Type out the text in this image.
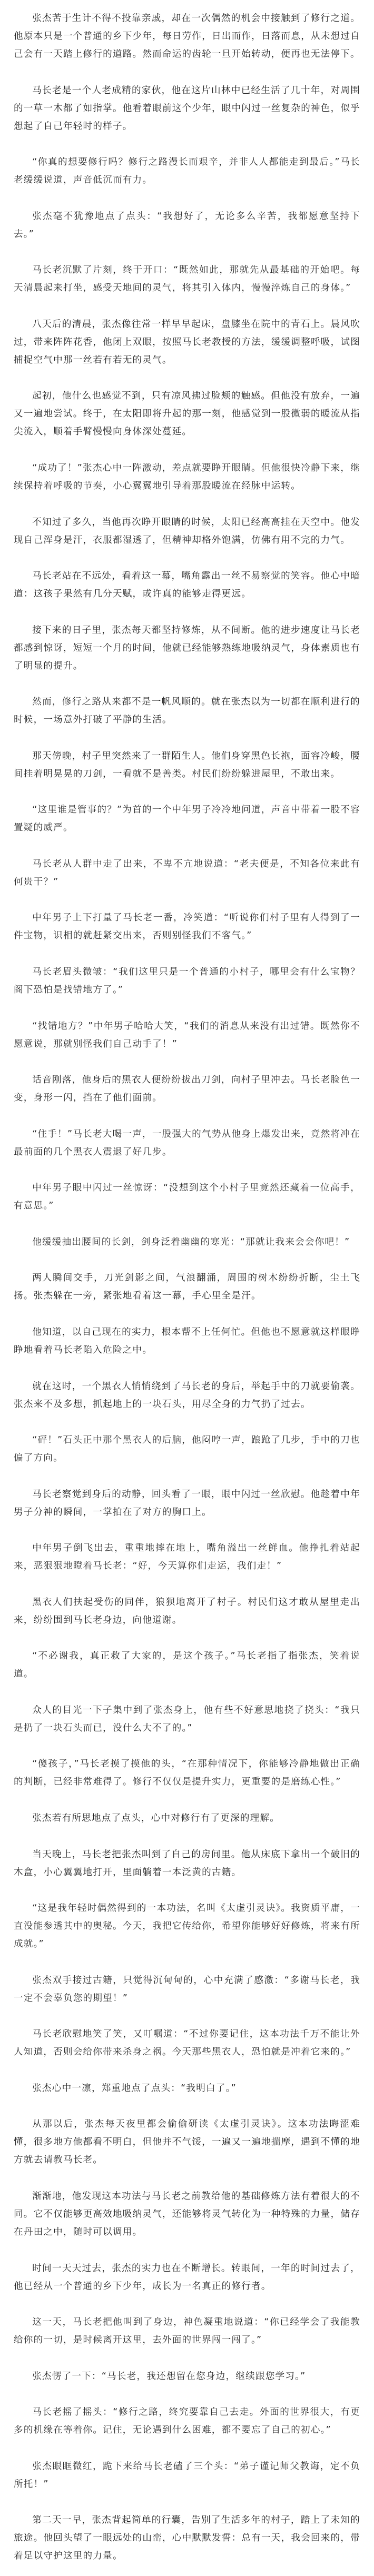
张杰苦于生计不得不投靠亲戚，却在一次偶然的机会中接触到了修行之道。他原本只是一个普通的乡下少年，每日劳作，日出而作，日落而息，从未想过自己会有一天踏上修行的道路。然而命运的齿轮一旦开始转动，便再也无法停下。

马长老是一个人老成精的家伙，他在这片山林中已经生活了几十年，对周围的一草一木都了如指掌。他看着眼前这个少年，眼中闪过一丝复杂的神色，似乎想起了自己年轻时的样子。

“你真的想要修行吗？修行之路漫长而艰辛，并非人人都能走到最后。”马长老缓缓说道，声音低沉而有力。

张杰毫不犹豫地点了点头：“我想好了，无论多么辛苦，我都愿意坚持下去。”

马长老沉默了片刻，终于开口：“既然如此，那就先从最基础的开始吧。每天清晨起来打坐，感受天地间的灵气，将其引入体内，慢慢淬炼自己的身体。”

八天后的清晨，张杰像往常一样早早起床，盘膝坐在院中的青石上。晨风吹过，带来阵阵花香，他闭上双眼，按照马长老教授的方法，缓缓调整呼吸，试图捕捉空气中那一丝若有若无的灵气。

起初，他什么也感觉不到，只有凉风拂过脸颊的触感。但他没有放弃，一遍又一遍地尝试。终于，在太阳即将升起的那一刻，他感觉到一股微弱的暖流从指尖流入，顺着手臂慢慢向身体深处蔓延。

“成功了！”张杰心中一阵激动，差点就要睁开眼睛。但他很快冷静下来，继续保持着呼吸的节奏，小心翼翼地引导着那股暖流在经脉中运转。

不知过了多久，当他再次睁开眼睛的时候，太阳已经高高挂在天空中。他发现自己浑身是汗，衣服都湿透了，但精神却格外饱满，仿佛有用不完的力气。

马长老站在不远处，看着这一幕，嘴角露出一丝不易察觉的笑容。他心中暗道：这孩子果然有几分天赋，或许真的能够走得更远。

接下来的日子里，张杰每天都坚持修炼，从不间断。他的进步速度让马长老都感到惊讶，短短一个月的时间，他就已经能够熟练地吸纳灵气，身体素质也有了明显的提升。

然而，修行之路从来都不是一帆风顺的。就在张杰以为一切都在顺利进行的时候，一场意外打破了平静的生活。

那天傍晚，村子里突然来了一群陌生人。他们身穿黑色长袍，面容冷峻，腰间挂着明晃晃的刀剑，一看就不是善类。村民们纷纷躲进屋里，不敢出来。

“这里谁是管事的？”为首的一个中年男子冷冷地问道，声音中带着一股不容置疑的威严。

马长老从人群中走了出来，不卑不亢地说道：“老夫便是，不知各位来此有何贵干？”

中年男子上下打量了马长老一番，冷笑道：“听说你们村子里有人得到了一件宝物，识相的就赶紧交出来，否则别怪我们不客气。”

马长老眉头微皱：“我们这里只是一个普通的小村子，哪里会有什么宝物？阁下恐怕是找错地方了。”

“找错地方？”中年男子哈哈大笑，“我们的消息从来没有出过错。既然你不愿意说，那就别怪我们自己动手了！”

话音刚落，他身后的黑衣人便纷纷拔出刀剑，向村子里冲去。马长老脸色一变，身形一闪，挡在了他们面前。

“住手！”马长老大喝一声，一股强大的气势从他身上爆发出来，竟然将冲在最前面的几个黑衣人震退了好几步。

中年男子眼中闪过一丝惊讶：“没想到这个小村子里竟然还藏着一位高手，有意思。”

他缓缓抽出腰间的长剑，剑身泛着幽幽的寒光：“那就让我来会会你吧！”

两人瞬间交手，刀光剑影之间，气浪翻涌，周围的树木纷纷折断，尘土飞扬。张杰躲在一旁，紧张地看着这一幕，手心里全是汗。

他知道，以自己现在的实力，根本帮不上任何忙。但他也不愿意就这样眼睁睁地看着马长老陷入危险之中。

就在这时，一个黑衣人悄悄绕到了马长老的身后，举起手中的刀就要偷袭。张杰来不及多想，抓起地上的一块石头，用尽全身的力气扔了过去。

“砰！”石头正中那个黑衣人的后脑，他闷哼一声，踉跄了几步，手中的刀也偏了方向。

马长老察觉到身后的动静，回头看了一眼，眼中闪过一丝欣慰。他趁着中年男子分神的瞬间，一掌拍在了对方的胸口上。

中年男子倒飞出去，重重地摔在地上，嘴角溢出一丝鲜血。他挣扎着站起来，恶狠狠地瞪着马长老：“好，今天算你们走运，我们走！”

黑衣人们扶起受伤的同伴，狼狈地离开了村子。村民们这才敢从屋里走出来，纷纷围到马长老身边，向他道谢。

“不必谢我，真正救了大家的，是这个孩子。”马长老指了指张杰，笑着说道。

众人的目光一下子集中到了张杰身上，他有些不好意思地挠了挠头：“我只是扔了一块石头而已，没什么大不了的。”

“傻孩子，”马长老摸了摸他的头，“在那种情况下，你能够冷静地做出正确的判断，已经非常难得了。修行不仅仅是提升实力，更重要的是磨练心性。”

张杰若有所思地点了点头，心中对修行有了更深的理解。

当天晚上，马长老把张杰叫到了自己的房间里。他从床底下拿出一个破旧的木盒，小心翼翼地打开，里面躺着一本泛黄的古籍。

“这是我年轻时偶然得到的一本功法，名叫《太虚引灵诀》。我资质平庸，一直没能参透其中的奥秘。今天，我把它传给你，希望你能够好好修炼，将来有所成就。”

张杰双手接过古籍，只觉得沉甸甸的，心中充满了感激：“多谢马长老，我一定不会辜负您的期望！”

马长老欣慰地笑了笑，又叮嘱道：“不过你要记住，这本功法千万不能让外人知道，否则会给你带来杀身之祸。今天那些黑衣人，恐怕就是冲着它来的。”

张杰心中一凛，郑重地点了点头：“我明白了。”

从那以后，张杰每天夜里都会偷偷研读《太虚引灵诀》。这本功法晦涩难懂，很多地方他都看不明白，但他并不气馁，一遍又一遍地揣摩，遇到不懂的地方就去请教马长老。

渐渐地，他发现这本功法与马长老之前教给他的基础修炼方法有着很大的不同。它不仅能够更高效地吸纳灵气，还能够将灵气转化为一种特殊的力量，储存在丹田之中，随时可以调用。

时间一天天过去，张杰的实力也在不断增长。转眼间，一年的时间过去了，他已经从一个普通的乡下少年，成长为一名真正的修行者。

这一天，马长老把他叫到了身边，神色凝重地说道：“你已经学会了我能教给你的一切，是时候离开这里，去外面的世界闯一闯了。”

张杰愣了一下：“马长老，我还想留在您身边，继续跟您学习。”

马长老摇了摇头：“修行之路，终究要靠自己去走。外面的世界很大，有更多的机缘在等着你。记住，无论遇到什么困难，都不要忘了自己的初心。”

张杰眼眶微红，跪下来给马长老磕了三个头：“弟子谨记师父教诲，定不负所托！”

第二天一早，张杰背起简单的行囊，告别了生活多年的村子，踏上了未知的旅途。他回头望了一眼远处的山峦，心中默默发誓：总有一天，我会回来的，带着足以守护这里的力量。
